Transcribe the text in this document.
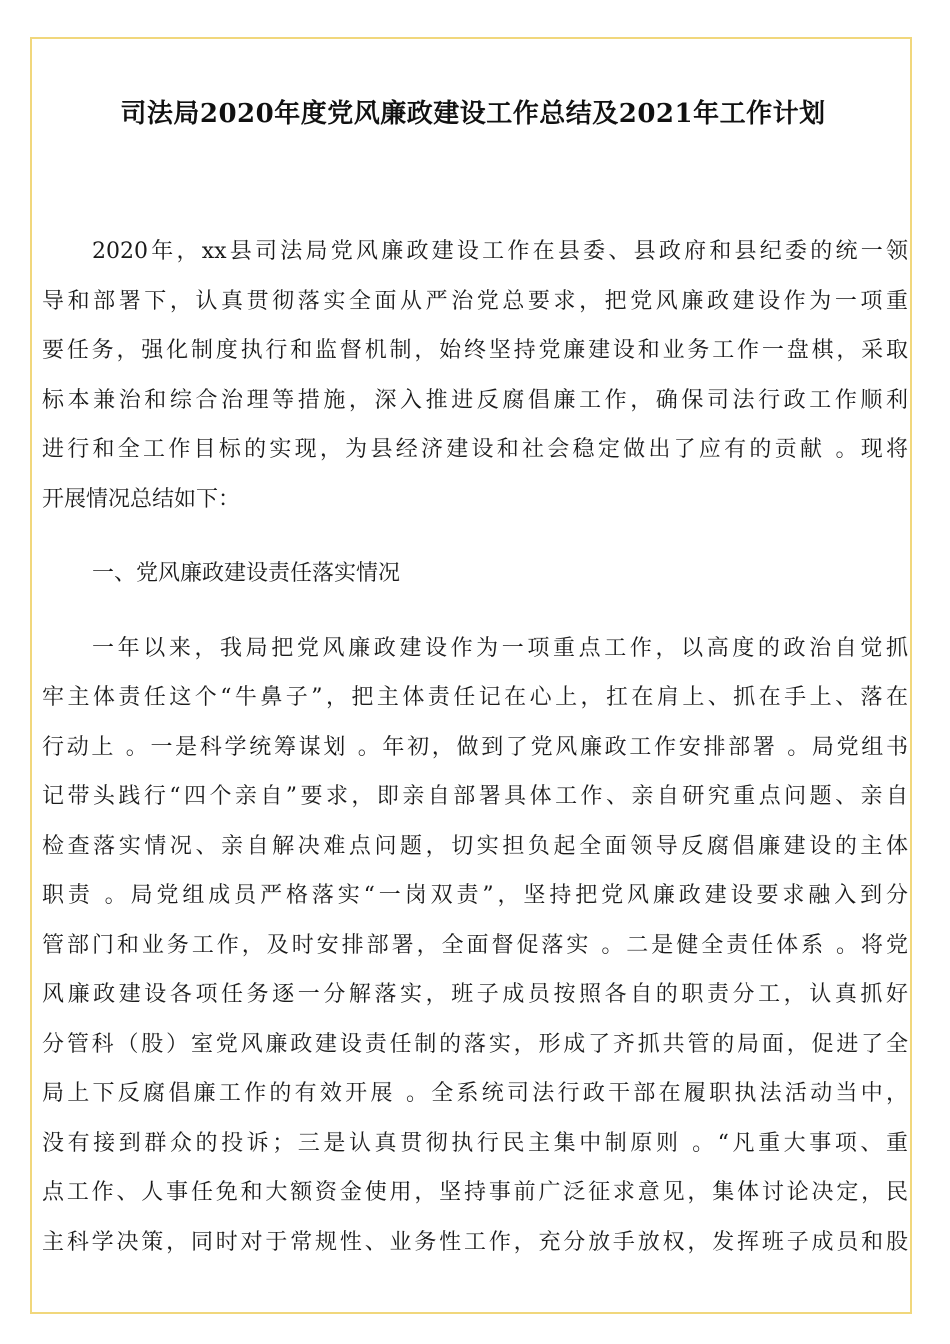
司法局2020年度党风廉政建设工作总结及2021年工作计划
2020年，xx县司法局党风廉政建设工作在县委、县政府和县纪委的统一领
导和部署下，认真贯彻落实全面从严治党总要求，把党风廉政建设作为一项重
要任务，强化制度执行和监督机制，始终坚持党廉建设和业务工作一盘棋，采取
标本兼治和综合治理等措施，深入推进反腐倡廉工作，确保司法行政工作顺利
进行和全工作目标的实现，为县经济建设和社会稳定做出了应有的贡献 。现将
开展情况总结如下：
一、党风廉政建设责任落实情况
一年以来，我局把党风廉政建设作为一项重点工作，以高度的政治自觉抓
牢主体责任这个“牛鼻子”，把主体责任记在心上，扛在肩上、抓在手上、落在
行动上 。一是科学统筹谋划 。年初，做到了党风廉政工作安排部署 。局党组书
记带头践行“四个亲自”要求，即亲自部署具体工作、亲自研究重点问题、亲自
检查落实情况、亲自解决难点问题，切实担负起全面领导反腐倡廉建设的主体
职责 。局党组成员严格落实“一岗双责”，坚持把党风廉政建设要求融入到分
管部门和业务工作，及时安排部署，全面督促落实 。二是健全责任体系 。将党
风廉政建设各项任务逐一分解落实，班子成员按照各自的职责分工，认真抓好
分管科（股）室党风廉政建设责任制的落实，形成了齐抓共管的局面，促进了全
局上下反腐倡廉工作的有效开展 。全系统司法行政干部在履职执法活动当中，
没有接到群众的投诉；三是认真贯彻执行民主集中制原则 。“凡重大事项、重
点工作、人事任免和大额资金使用，坚持事前广泛征求意见，集体讨论决定，民
主科学决策，同时对于常规性、业务性工作，充分放手放权，发挥班子成员和股
